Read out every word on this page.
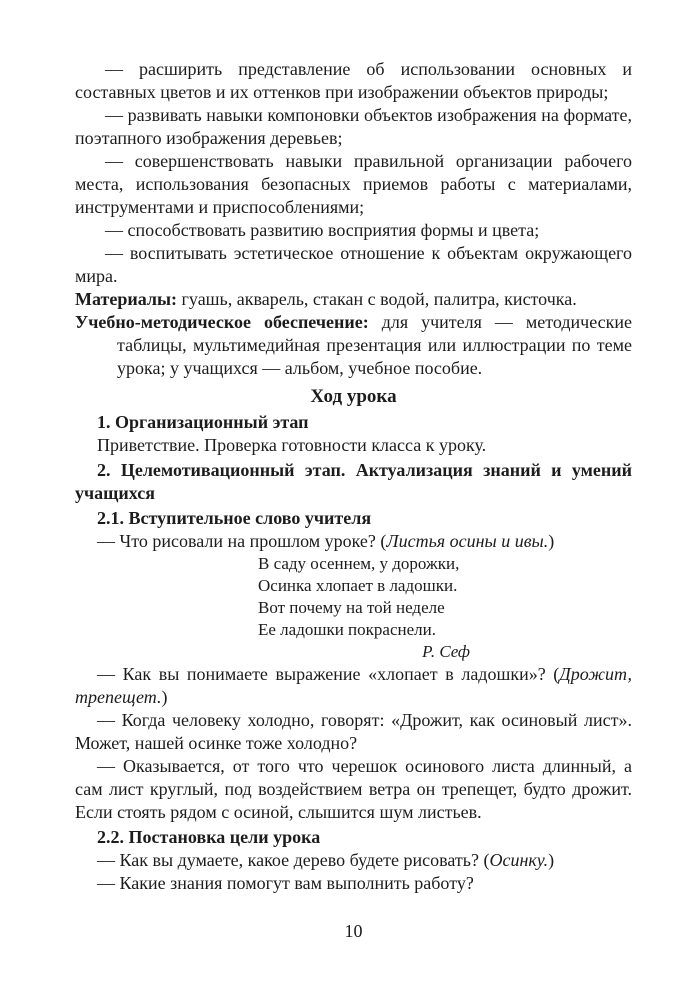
— расширить представление об использовании основных и составных цветов и их оттенков при изображении объектов природы;

— развивать навыки компоновки объектов изображения на формате, поэтапного изображения деревьев;

— совершенствовать навыки правильной организации рабочего места, использования безопасных приемов работы с материалами, инструментами и приспособлениями;

— способствовать развитию восприятия формы и цвета;

— воспитывать эстетическое отношение к объектам окружающего мира.

Материалы: гуашь, акварель, стакан с водой, палитра, кисточка.

Учебно-методическое обеспечение: для учителя — методические таблицы, мультимедийная презентация или иллюстрации по теме урока; у учащихся — альбом, учебное пособие.

Ход урока

1. Организационный этап

Приветствие. Проверка готовности класса к уроку.

2. Целемотивационный этап. Актуализация знаний и умений учащихся

2.1. Вступительное слово учителя

— Что рисовали на прошлом уроке? (Листья осины и ивы.)

В саду осеннем, у дорожки,
Осинка хлопает в ладошки.
Вот почему на той неделе
Ее ладошки покраснели.
Р. Сеф

— Как вы понимаете выражение «хлопает в ладошки»? (Дрожит, трепещет.)

— Когда человеку холодно, говорят: «Дрожит, как осиновый лист». Может, нашей осинке тоже холодно?

— Оказывается, от того что черешок осинового листа длинный, а сам лист круглый, под воздействием ветра он трепещет, будто дрожит. Если стоять рядом с осиной, слышится шум листьев.

2.2. Постановка цели урока

— Как вы думаете, какое дерево будете рисовать? (Осинку.)

— Какие знания помогут вам выполнить работу?

10
